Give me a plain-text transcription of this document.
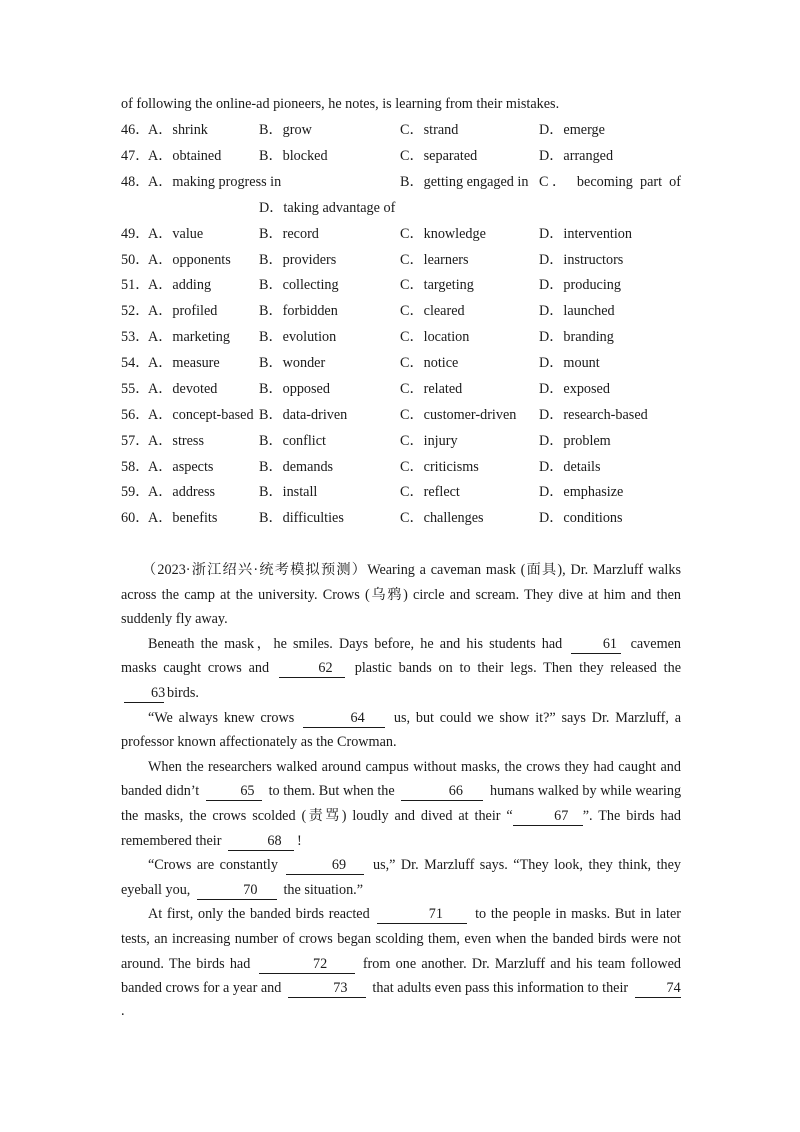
of following the online-ad pioneers, he notes, is learning from their mistakes.
46．
A．shrink	B．grow	C．strand	D．emerge
47．
A．obtained	B．blocked	C．separated	D．arranged
48．
A．making progress in	B．getting engaged in C． becoming part of
D．taking advantage of
49．
A．value	B．record	C．knowledge	D．intervention
50．
A．opponents B．providers	C．learners	D．instructors
51．
A．adding	B．collecting	C．targeting	D．producing
52．
A．profiled	B．forbidden	C．cleared	D．launched
53．
A．marketing B．evolution	C．location	D．branding
54．
A．measure	B．wonder	C．notice	D．mount
55．
A．devoted	B．opposed	C．related	D．exposed
56．
A．concept-based B．data-driven	C．customer-driven D．research-based
57．
A．stress	B．conflict	C．injury	D．problem
58．
A．aspects	B．demands	C．criticisms	D．details
59．
A．address	B．install	C．reflect	D．emphasize
60．
A．benefits	B．difficulties	C．challenges	D．conditions

（2023·浙江绍兴·统考模拟预测）Wearing a caveman mask (面具), Dr. Marzluff walks across the camp at the university. Crows (乌鸦) circle and scream. They dive at him and then suddenly fly away.

Beneath the mask，he smiles. Days before, he and his students had	61 cavemen masks caught crows and	62 plastic bands on to their legs. Then they released the 63 birds.

“We always knew crows	64 us, but could we show it?” says Dr. Marzluff, a professor known affectionately as the Crowman.

When the researchers walked around campus without masks, the crows they had caught and banded didn’t	65 to them. But when the	66 humans walked by while wearing the masks, the crows scolded (责骂) loudly and dived at their “	67 ”. The birds had remembered their	68 !

“Crows are constantly	69 us,” Dr. Marzluff says. “They look, they think, they eyeball you,	70 the situation.”

At first, only the banded birds reacted	71 to the people in masks. But in later tests, an increasing number of crows began scolding them, even when the banded birds were not around. The birds had	72	from one another. Dr. Marzluff and his team followed banded crows for a year and	73 that adults even pass this information to their	74

.
